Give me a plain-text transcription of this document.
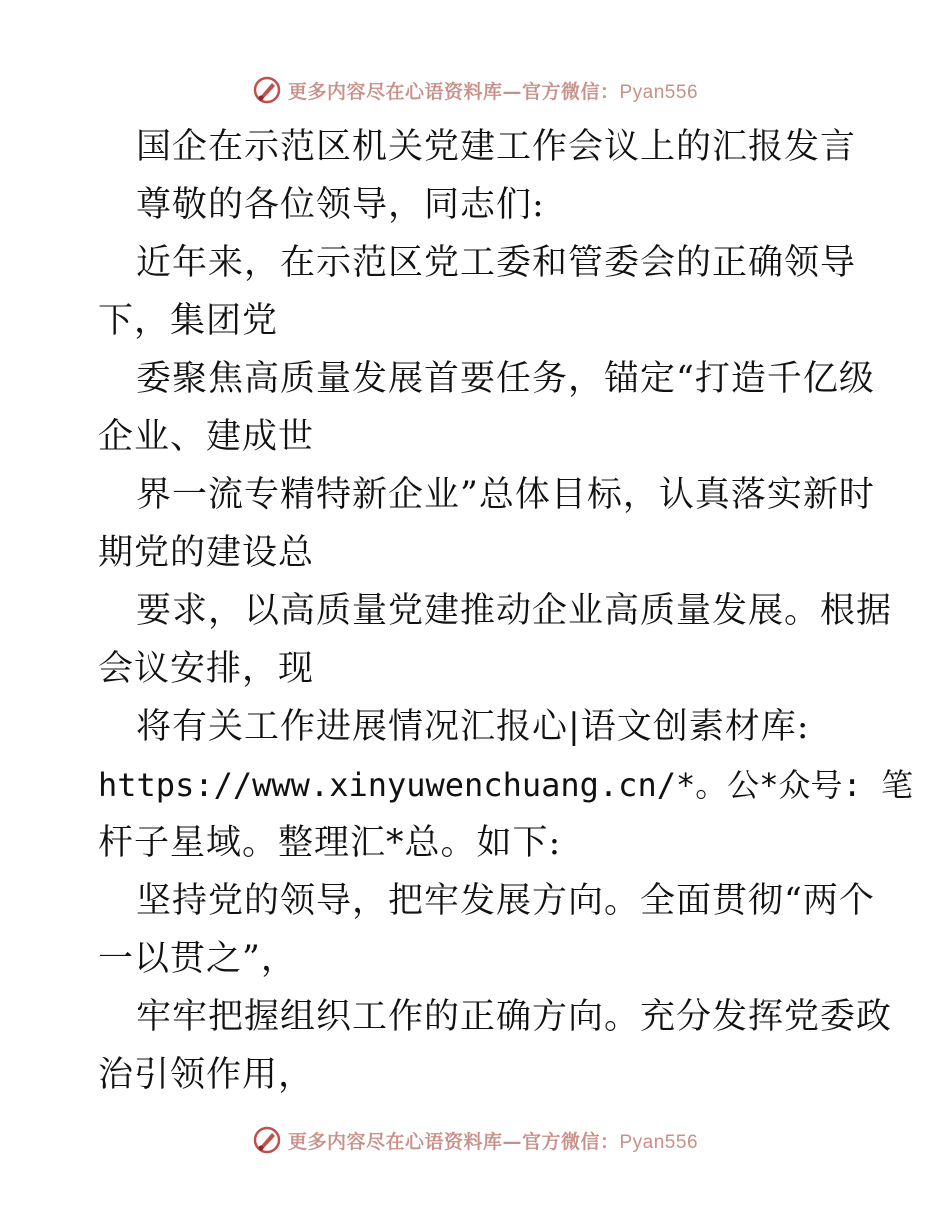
更多内容尽在心语资料库—官方微信：Pyan556
国企在示范区机关党建工作会议上的汇报发言
尊敬的各位领导，同志们:
近年来，在示范区党工委和管委会的正确领导
下，集团党
委聚焦高质量发展首要任务，锚定“打造千亿级
企业、建成世
界一流专精特新企业”总体目标，认真落实新时
期党的建设总
要求，以高质量党建推动企业高质量发展。根据
会议安排，现
将有关工作进展情况汇报心|语文创素材库:
https://www.xinyuwenchuang.cn/*。公*众号: 笔
杆子星域。整理汇*总。如下:
坚持党的领导，把牢发展方向。全面贯彻“两个
一以贯之”，
牢牢把握组织工作的正确方向。充分发挥党委政
治引领作用，
更多内容尽在心语资料库—官方微信：Pyan556
